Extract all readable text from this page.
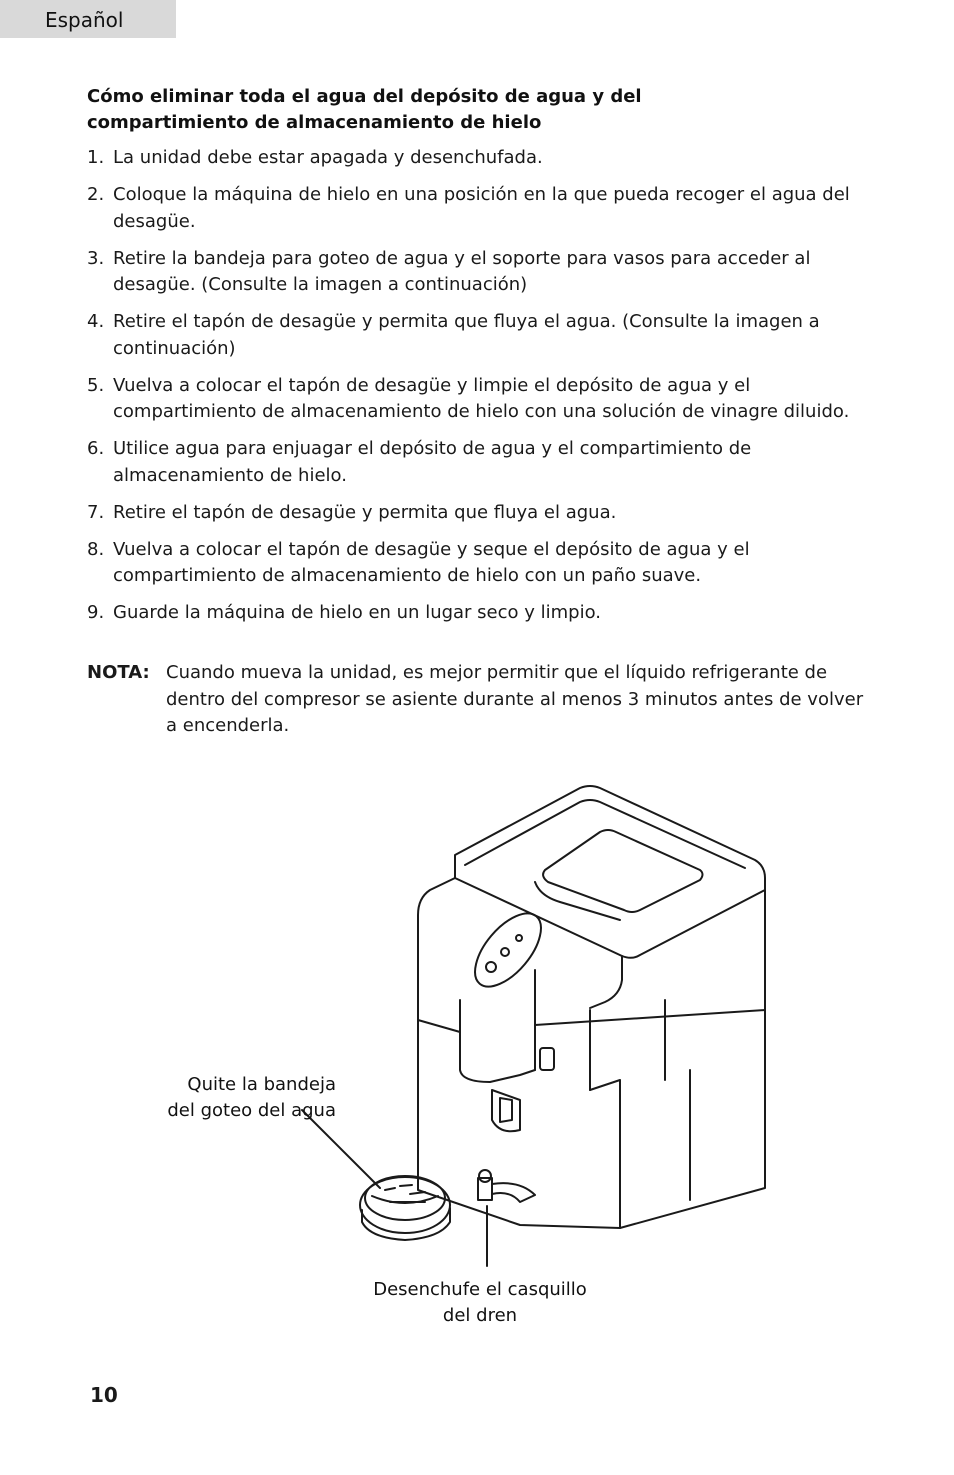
Español
Cómo eliminar toda el agua del depósito de agua y del compartimiento de almacenamiento de hielo
1. La unidad debe estar apagada y desenchufada.
2. Coloque la máquina de hielo en una posición en la que pueda recoger el agua del desagüe.
3. Retire la bandeja para goteo de agua y el soporte para vasos para acceder al desagüe. (Consulte la imagen a continuación)
4. Retire el tapón de desagüe y permita que fluya el agua. (Consulte la imagen a continuación)
5. Vuelva a colocar el tapón de desagüe y limpie el depósito de agua y el compartimiento de almacenamiento de hielo con una solución de vinagre diluido.
6. Utilice agua para enjuagar el depósito de agua y el compartimiento de almacenamiento de hielo.
7. Retire el tapón de desagüe y permita que fluya el agua.
8. Vuelva a colocar el tapón de desagüe y seque el depósito de agua y el compartimiento de almacenamiento de hielo con un paño suave.
9. Guarde la máquina de hielo en un lugar seco y limpio.
NOTA: Cuando mueva la unidad, es mejor permitir que el líquido refrigerante de dentro del compresor se asiente durante al menos 3 minutos antes de volver a encenderla.
Quite la bandeja
del goteo del agua
Desenchufe el casquillo
del dren
10
